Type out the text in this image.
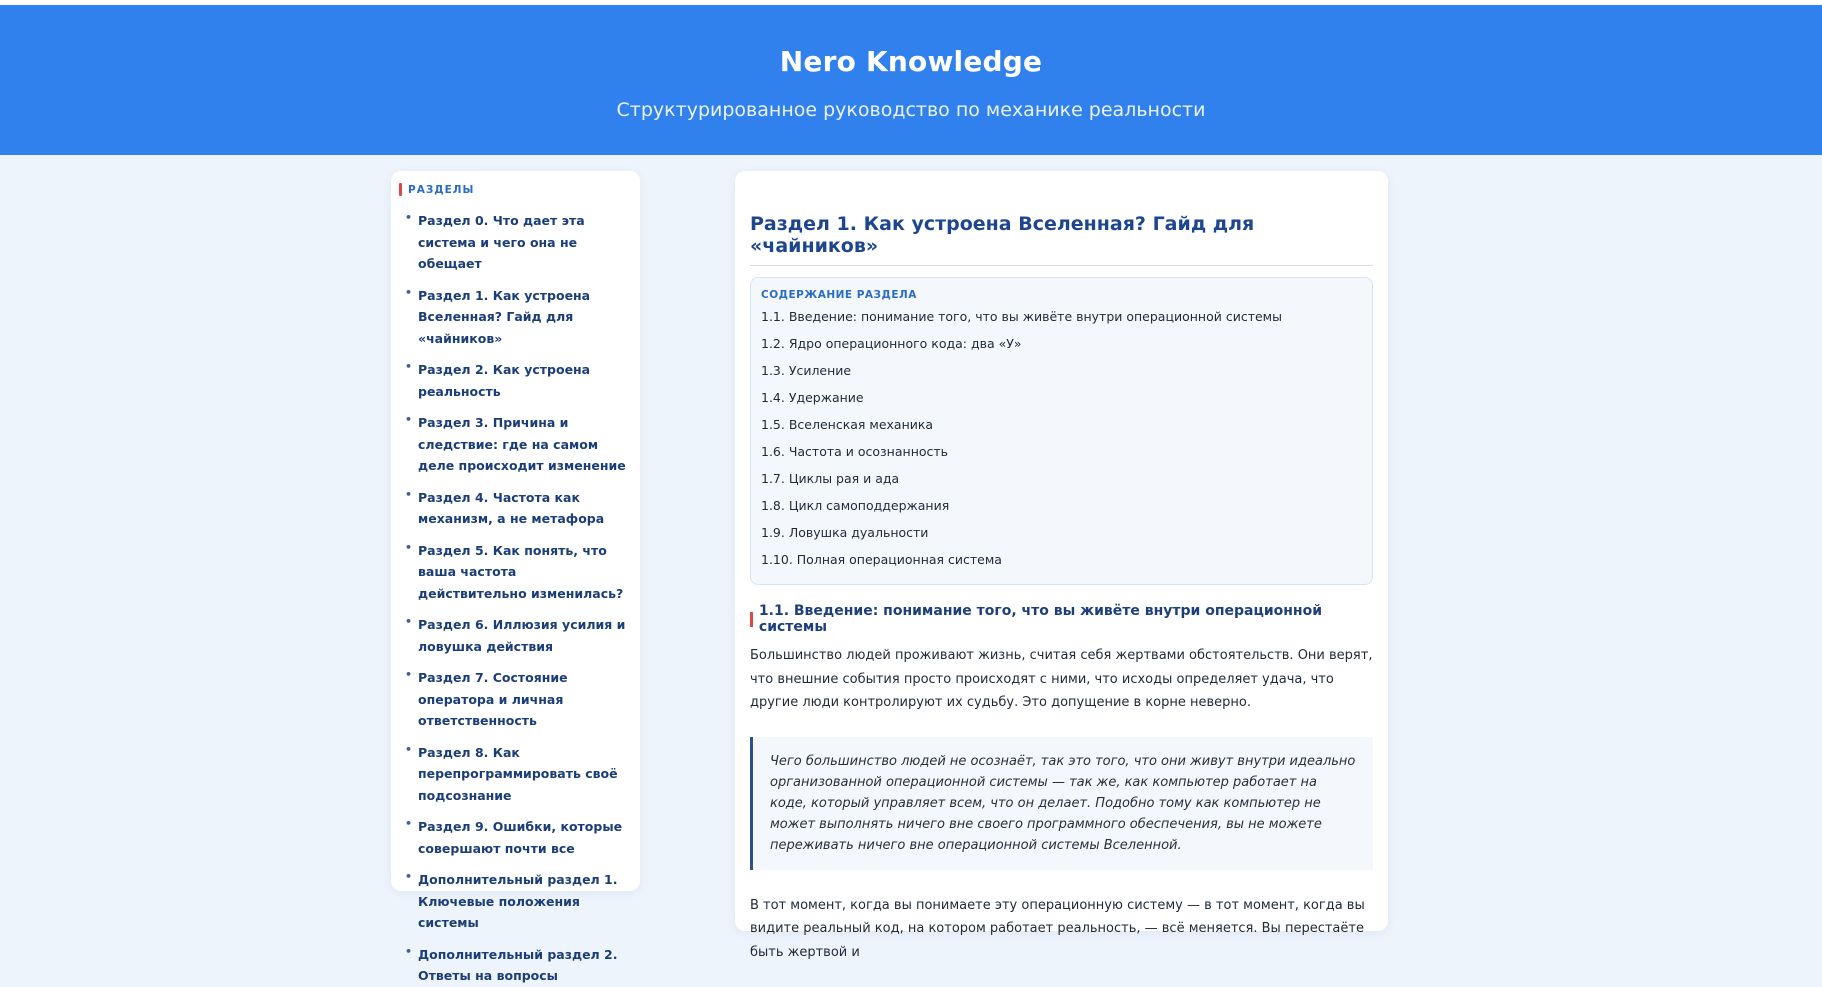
Nero Knowledge

Структурированное руководство по механике реальности

РАЗДЕЛЫ
• Раздел 0. Что дает эта система и чего она не обещает
• Раздел 1. Как устроена Вселенная? Гайд для «чайников»
• Раздел 2. Как устроена реальность
• Раздел 3. Причина и следствие: где на самом деле происходит изменение
• Раздел 4. Частота как механизм, а не метафора
• Раздел 5. Как понять, что ваша частота действительно изменилась?
• Раздел 6. Иллюзия усилия и ловушка действия
• Раздел 7. Состояние оператора и личная ответственность
• Раздел 8. Как перепрограммировать своё подсознание
• Раздел 9. Ошибки, которые совершают почти все
• Дополнительный раздел 1. Ключевые положения системы
• Дополнительный раздел 2. Ответы на вопросы
Раздел 1. Как устроена Вселенная? Гайд для «чайников»
СОДЕРЖАНИЕ РАЗДЕЛА
1.1. Введение: понимание того, что вы живёте внутри операционной системы
1.2. Ядро операционного кода: два «У»
1.3. Усиление
1.4. Удержание
1.5. Вселенская механика
1.6. Частота и осознанность
1.7. Циклы рая и ада
1.8. Цикл самоподдержания
1.9. Ловушка дуальности
1.10. Полная операционная система
1.1. Введение: понимание того, что вы живёте внутри операционной системы

Большинство людей проживают жизнь, считая себя жертвами обстоятельств. Они верят, что внешние события просто происходят с ними, что исходы определяет удача, что другие люди контролируют их судьбу. Это допущение в корне неверно.

Чего большинство людей не осознаёт, так это того, что они живут внутри идеально организованной операционной системы — так же, как компьютер работает на коде, который управляет всем, что он делает. Подобно тому как компьютер не может выполнять ничего вне своего программного обеспечения, вы не можете переживать ничего вне операционной системы Вселенной.

В тот момент, когда вы понимаете эту операционную систему — в тот момент, когда вы видите реальный код, на котором работает реальность, — всё меняется. Вы перестаёте быть жертвой и
